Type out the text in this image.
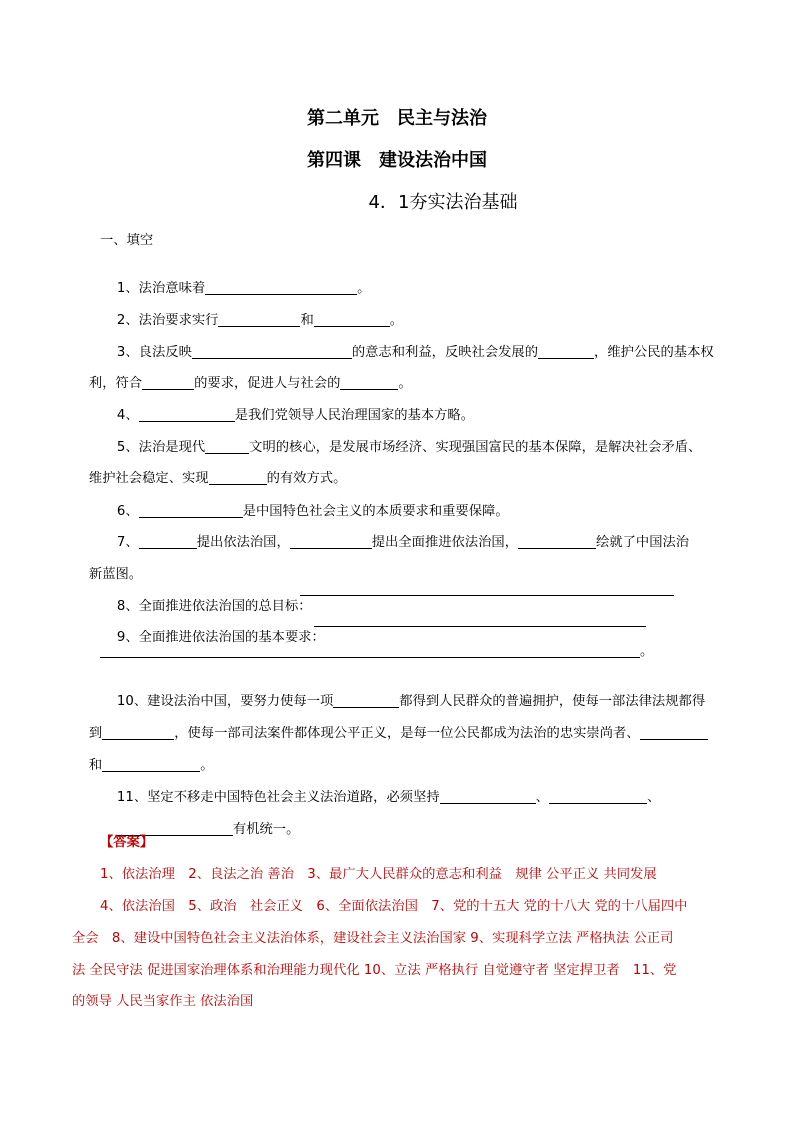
第二单元　民主与法治
第四课　建设法治中国
4．1夯实法治基础
一、填空

1、法治意味着	。

2、法治要求实行	和	。

3、良法反映	的意志和利益，反映社会发展的	，维护公民的基本权

利，符合	的要求，促进人与社会的	。

4、	是我们党领导人民治理国家的基本方略。

5、法治是现代	文明的核心，是发展市场经济、实现强国富民的基本保障，是解决社会矛盾、

维护社会稳定、实现	的有效方式。

6、	是中国特色社会主义的本质要求和重要保障。

7、	提出依法治国，	提出全面推进依法治国，	绘就了中国法治

新蓝图。

8、全面推进依法治国的总目标：

9、全面推进依法治国的基本要求：

。

10、建设法治中国，要努力使每一项	都得到人民群众的普遍拥护，使每一部法律法规都得

到	，使每一部司法案件都体现公平正义，是每一位公民都成为法治的忠实崇尚者、

和	。

11、坚定不移走中国特色社会主义法治道路，必须坚持	、	、

有机统一。

【答案】
1、依法治理　2、良法之治 善治　3、最广大人民群众的意志和利益　规律 公平正义 共同发展
4、依法治国　5、政治　社会正义　6、全面依法治国　7、党的十五大 党的十八大 党的十八届四中
全会　8、建设中国特色社会主义法治体系，建设社会主义法治国家 9、实现科学立法 严格执法 公正司
法 全民守法 促进国家治理体系和治理能力现代化 10、立法 严格执行 自觉遵守者 坚定捍卫者　11、党
的领导 人民当家作主 依法治国
